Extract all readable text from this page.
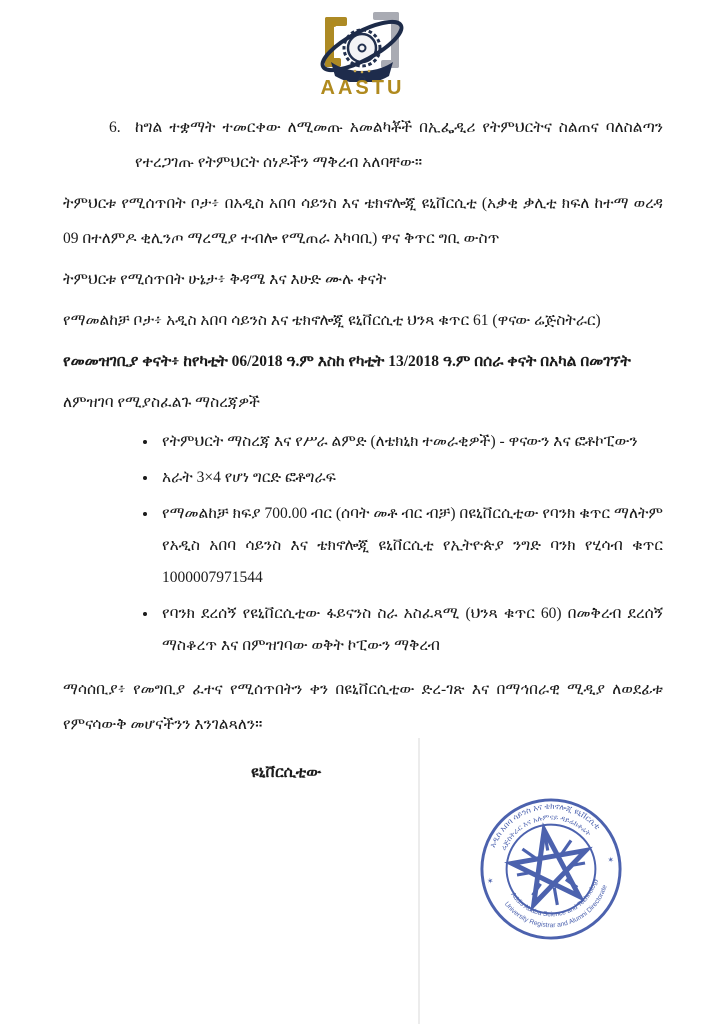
AASTU
6. ከግል ተቋማት ተመርቀው ለሚመጡ አመልካቾች በኢፌዲሪ የትምህርትና ስልጠና ባለስልጣን የተረጋገጡ የትምህርት ሰነዶችን ማቅረብ አለባቸው።

ትምህርቱ የሚሰጥበት ቦታ፥ በአዲስ አበባ ሳይንስ እና ቴክኖሎጂ ዩኒቨርሲቲ (አቃቂ ቃሊቲ ክፍለ ከተማ ወረዳ 09 በተለምዶ ቂሊንጦ ማረሚያ ተብሎ የሚጠራ አካባቢ) ዋና ቅጥር ግቢ ውስጥ

ትምህርቱ የሚሰጥበት ሁኔታ፥ ቅዳሜ እና እሁድ ሙሉ ቀናት

የማመልከቻ ቦታ፥ አዲስ አበባ ሳይንስ እና ቴክኖሎጂ ዩኒቨርሲቲ ህንጻ ቁጥር 61 (ዋናው ሬጅስትራር)

የመመዝገቢያ ቀናት፥ ከየካቲት 06/2018 ዓ.ም እስከ የካቲት 13/2018 ዓ.ም በሰራ ቀናት በአካል በመገኘት

ለምዝገባ የሚያስፈልጉ ማስረጃዎች

• የትምህርት ማስረጃ እና የሥራ ልምድ (ለቴክኒክ ተመራቂዎች) - ዋናውን እና ፎቶኮፒውን
• አራት 3×4 የሆነ ግርድ ፎቶግራፍ
• የማመልከቻ ክፍያ 700.00 ብር (ሰባት መቶ ብር ብቻ) በዩኒቨርሲቲው የባንክ ቁጥር ማለትም የአዲስ አበባ ሳይንስ እና ቴክኖሎጂ ዩኒቨርሲቲ የኢትዮጵያ ንግድ ባንክ የሂሳብ ቁጥር 1000007971544
• የባንክ ደረሰኝ የዩኒቨርሲቲው ፋይናንስ ስራ አስፈጻሚ (ህንጻ ቁጥር 60) በመቅረብ ደረሰኝ ማስቆረጥ እና በምዝገባው ወቅት ኮፒውን ማቅረብ

ማሳሰቢያ፥ የመግቢያ ፈተና የሚሰጥበትን ቀን በዩኒቨርሲቲው ድረ-ገጽ እና በማኅበራዊ ሚዲያ ለወደፊቱ የምናሳውቅ መሆናችንን እንገልጻለን።

ዩኒቨርሲቲው

አዲስ አበባ ሳይንስ እና ቴክኖሎጂ ዩኒቨርሲቲ
ሬጅስትራር እና አሉምናይ ዳይሬክቶሬት
Addis Ababa Science and Technology
University Registrar and Alumni Directorate
✶
✶
